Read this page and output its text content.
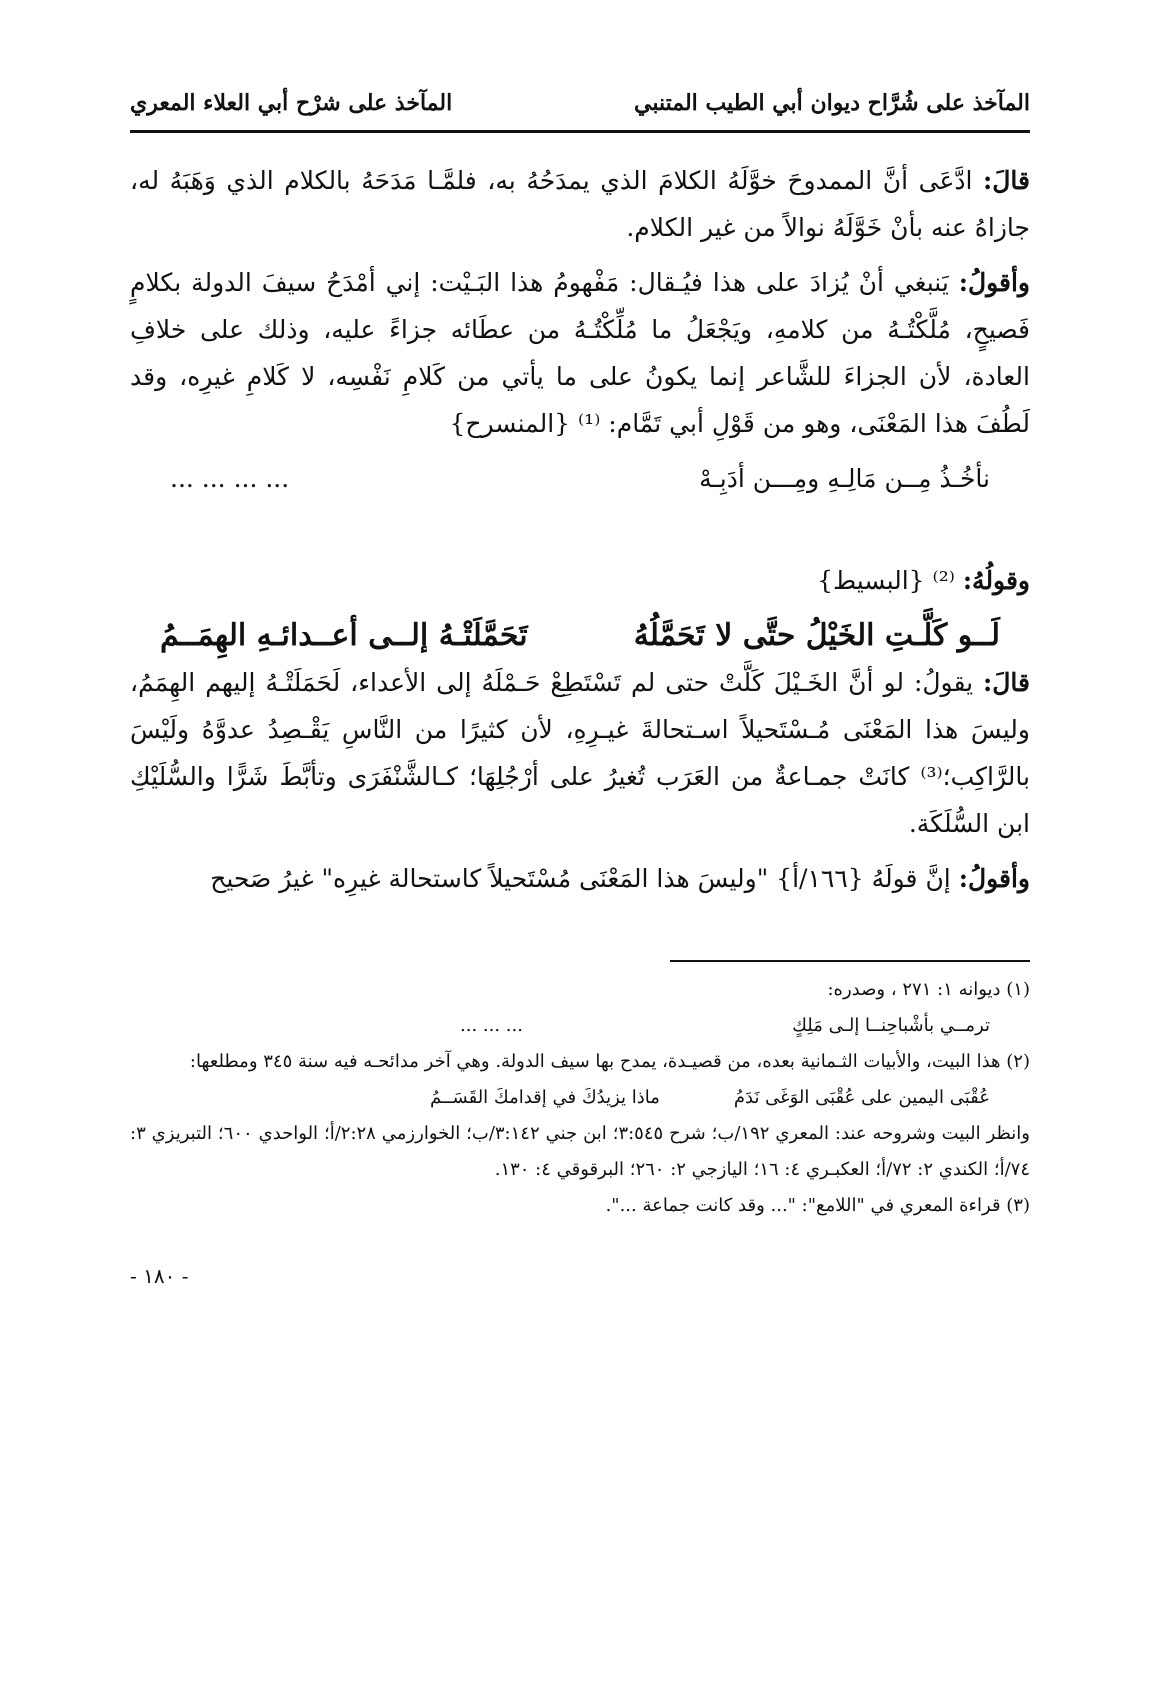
المآخذ على شُرَّاح ديوان أبي الطيب المتنبي
المآخذ على شرْح أبي العلاء المعري

قالَ: ادَّعَى أنَّ الممدوحَ خوَّلَهُ الكلامَ الذي يمدَحُهُ به، فلمَّـا مَدَحَهُ بالكلام الذي وَهَبَهُ له، جازاهُ عنه بأنْ خَوَّلَهُ نوالاً من غير الكلام.

وأقولُ: يَنبغي أنْ يُزادَ على هذا فيُـقال: مَفْهومُ هذا البَـيْت: إني أمْدَحُ سيفَ الدولة بكلامٍ فَصيحٍ، مُلَّكْتُـهُ من كلامهِ، ويَجْعَلُ ما مُلِّكْتُـهُ من عطَائه جزاءً عليه، وذلك على خلافِ العادة، لأن الجزاءَ للشَّاعر إنما يكونُ على ما يأتي من كَلامِ نَفْسِه، لا كَلامِ غيرِه، وقد لَطُفَ هذا المَعْنَى، وهو من قَوْلِ أبي تَمَّام: ⁽¹⁾ {المنسرح}

نأخُـذُ مِــن مَالِـهِ ومِـــن أدَبِـهْ
... ... ... ...

وقولُهُ: ⁽²⁾ {البسيط}

لَــو كَلَّـتِ الخَيْلُ حتَّى لا تَحَمَّلُهُ
تَحَمَّلَتْـهُ إلــى أعــدائـهِ الهِمَــمُ

قالَ: يقولُ: لو أنَّ الخَـيْلَ كَلَّتْ حتى لم تَسْتَطِعْ حَـمْلَهُ إلى الأعداء، لَحَمَلَتْـهُ إليهم الهِمَمُ، وليسَ هذا المَعْنَى مُـسْتَحيلاً اسـتحالةَ غيـرِهِ، لأن كثيرًا من النَّاسِ يَقْـصِدُ عدوَّهُ ولَيْسَ بالرَّاكِب؛⁽³⁾ كانَتْ جمـاعةٌ من العَرَب تُغيرُ على أرْجُلِهَا؛ كـالشَّنْفَرَى وتأبَّطَ شَرًّا والسُّلَيْكِ ابن السُّلَكَة.

وأقولُ: إنَّ قولَهُ {١٦٦/أ} "وليسَ هذا المَعْنَى مُسْتَحيلاً كاستحالة غيرِه" غيرُ صَحيح

(١) ديوانه ١: ٢٧١ ، وصدره:
ترمــي بأشْباحِنــا إلـى مَلِكٍ
... ... ...
(٢) هذا البيت، والأبيات الثـمانية بعده، من قصيـدة، يمدح بها سيف الدولة. وهي آخر مدائحـه فيه سنة ٣٤٥ ومطلعها:
عُقْبَى اليمين على عُقْبَى الوَغَى نَدَمُ
ماذا يزيدُكَ في إقدامكَ القَسَــمُ
وانظر البيت وشروحه عند: المعري ١٩٢/ب؛ شرح ٣:٥٤٥؛ ابن جني ٣:١٤٢/ب؛ الخوارزمي ٢:٢٨/أ؛ الواحدي ٦٠٠؛ التبريزي ٣: ٧٤/أ؛ الكندي ٢: ٧٢/أ؛ العكبـري ٤: ١٦؛ اليازجي ٢: ٢٦٠؛ البرقوقي ٤: ١٣٠.
(٣) قراءة المعري في "اللامع": "... وقد كانت جماعة ...".
- ١٨٠ -
